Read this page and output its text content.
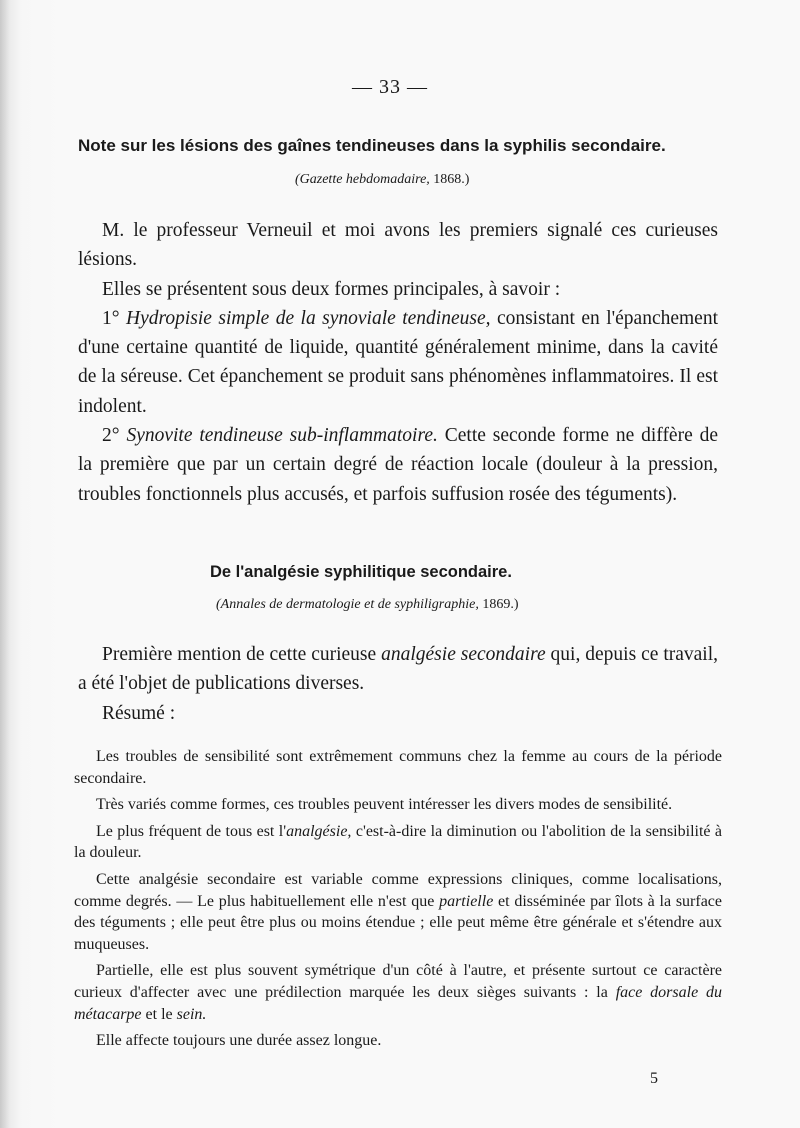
— 33 —
Note sur les lésions des gaînes tendineuses dans la syphilis secondaire.
(Gazette hebdomadaire, 1868.)

M. le professeur Verneuil et moi avons les premiers signalé ces curieuses lésions.

Elles se présentent sous deux formes principales, à savoir :

1° Hydropisie simple de la synoviale tendineuse, consistant en l'épanchement d'une certaine quantité de liquide, quantité généralement minime, dans la cavité de la séreuse. Cet épanchement se produit sans phénomènes inflammatoires. Il est indolent.

2° Synovite tendineuse sub-inflammatoire. Cette seconde forme ne diffère de la première que par un certain degré de réaction locale (douleur à la pression, troubles fonctionnels plus accusés, et parfois suffusion rosée des téguments).

De l'analgésie syphilitique secondaire.
(Annales de dermatologie et de syphiligraphie, 1869.)

Première mention de cette curieuse analgésie secondaire qui, depuis ce travail, a été l'objet de publications diverses.

Résumé :

Les troubles de sensibilité sont extrêmement communs chez la femme au cours de la période secondaire.

Très variés comme formes, ces troubles peuvent intéresser les divers modes de sensibilité.

Le plus fréquent de tous est l'analgésie, c'est-à-dire la diminution ou l'abolition de la sensibilité à la douleur.

Cette analgésie secondaire est variable comme expressions cliniques, comme localisations, comme degrés. — Le plus habituellement elle n'est que partielle et disséminée par îlots à la surface des téguments ; elle peut être plus ou moins étendue ; elle peut même être générale et s'étendre aux muqueuses.

Partielle, elle est plus souvent symétrique d'un côté à l'autre, et présente surtout ce caractère curieux d'affecter avec une prédilection marquée les deux sièges suivants : la face dorsale du métacarpe et le sein.

Elle affecte toujours une durée assez longue.

5
